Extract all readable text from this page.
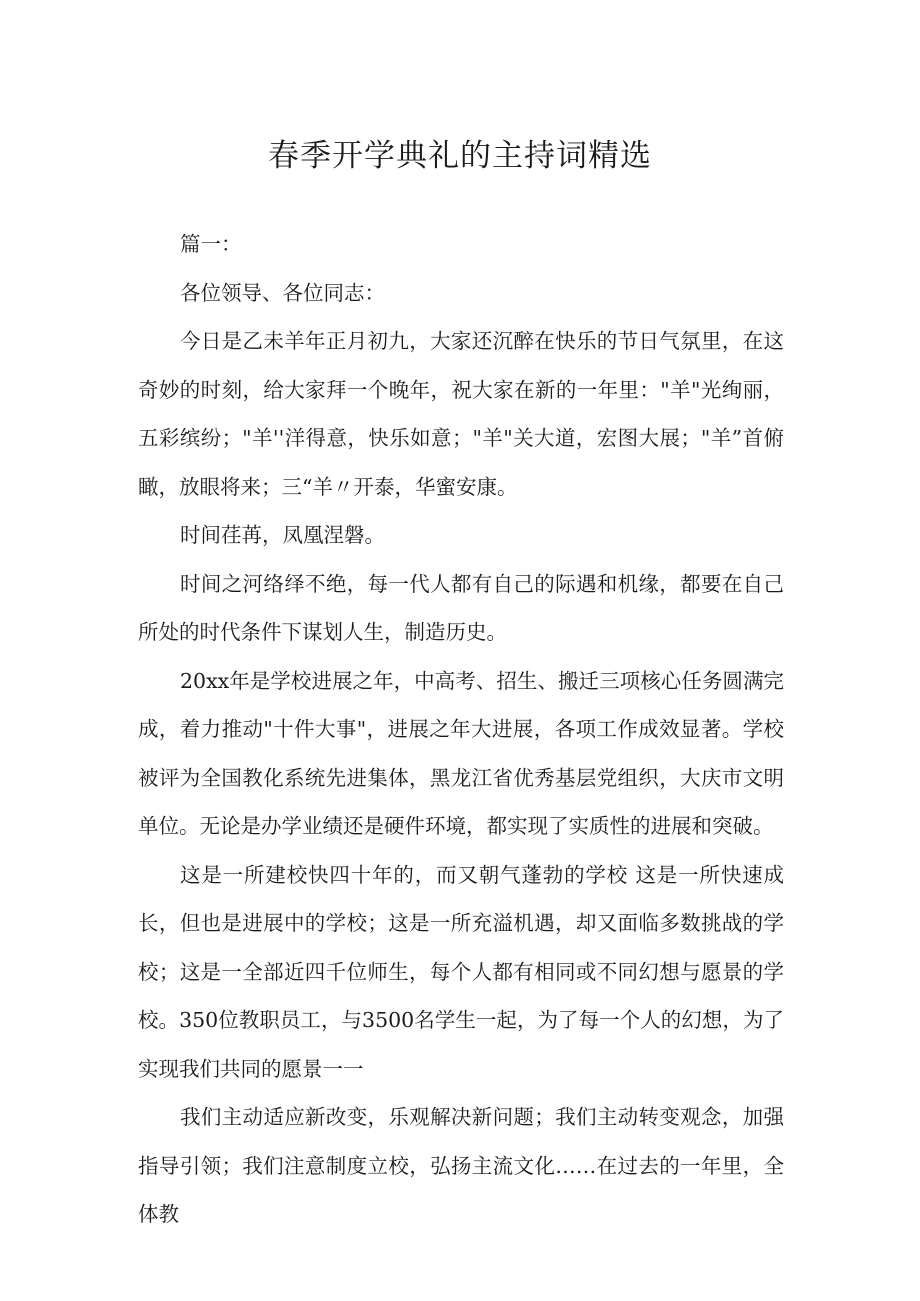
春季开学典礼的主持词精选

篇一：

各位领导、各位同志：

今日是乙未羊年正月初九，大家还沉醉在快乐的节日气氛里，在这奇妙的时刻，给大家拜一个晚年，祝大家在新的一年里："羊"光绚丽，五彩缤纷；"羊''洋得意，快乐如意；"羊"关大道，宏图大展；"羊”首俯瞰，放眼将来；三“羊〃开泰，华蜜安康。

时间荏苒，凤凰涅磐。

时间之河络绎不绝，每一代人都有自己的际遇和机缘，都要在自己所处的时代条件下谋划人生，制造历史。

20xx年是学校进展之年，中高考、招生、搬迁三项核心任务圆满完成，着力推动"十件大事"，进展之年大进展，各项工作成效显著。学校被评为全国教化系统先进集体，黑龙江省优秀基层党组织，大庆市文明单位。无论是办学业绩还是硬件环境，都实现了实质性的进展和突破。

这是一所建校快四十年的，而又朝气蓬勃的学校 这是一所快速成长，但也是进展中的学校；这是一所充溢机遇，却又面临多数挑战的学校；这是一全部近四千位师生，每个人都有相同或不同幻想与愿景的学校。350位教职员工，与3500名学生一起，为了每一个人的幻想，为了实现我们共同的愿景一一

我们主动适应新改变，乐观解决新问题；我们主动转变观念，加强指导引领；我们注意制度立校，弘扬主流文化……在过去的一年里，全体教
